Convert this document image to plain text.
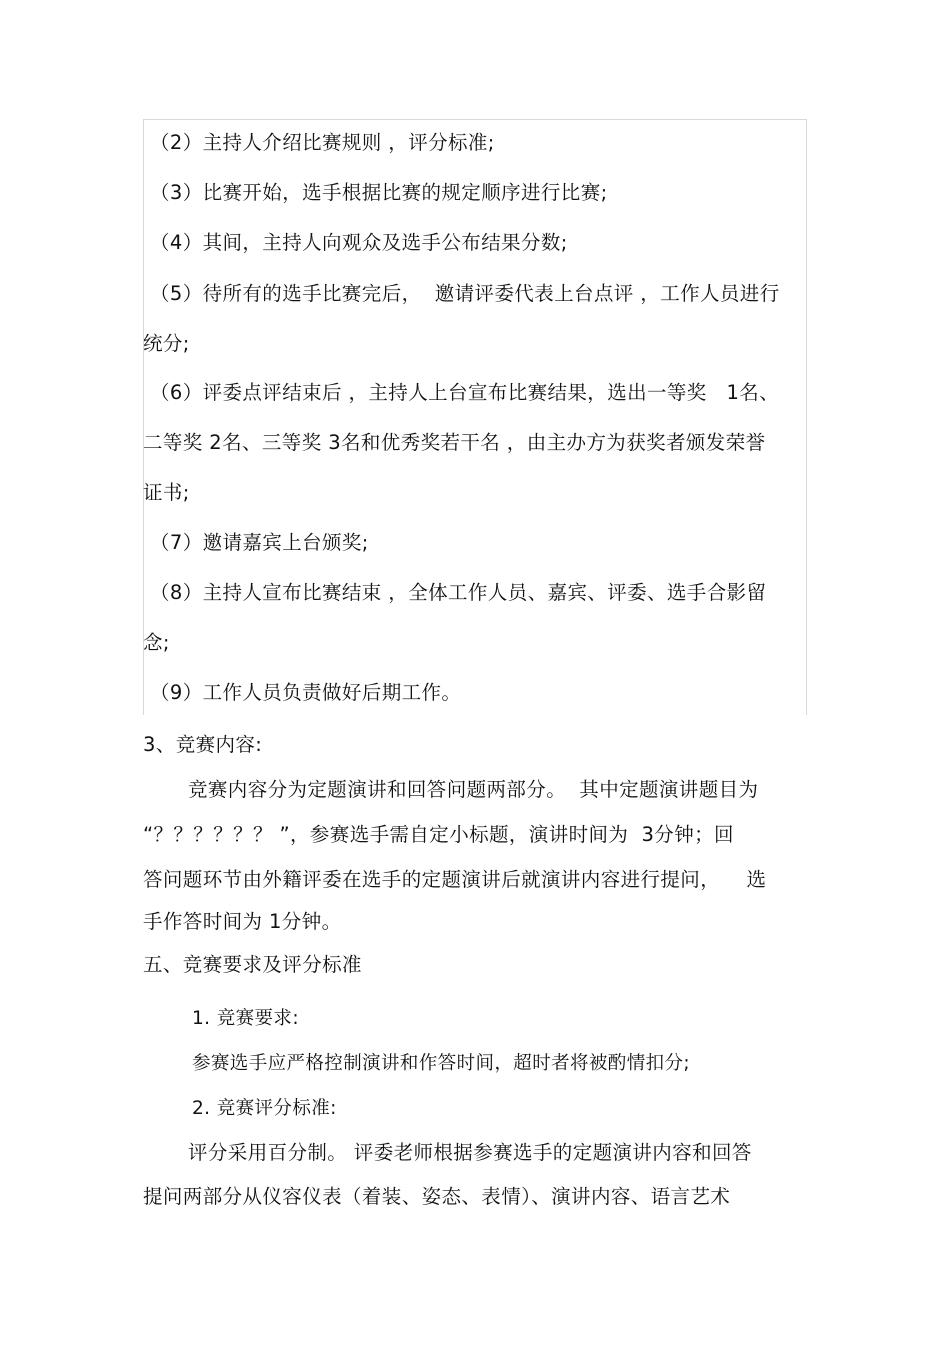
（2）主持人介绍比赛规则 ，评分标准;
（3）比赛开始，选手根据比赛的规定顺序进行比赛;
（4）其间，主持人向观众及选手公布结果分数;
（5）待所有的选手比赛完后，  邀请评委代表上台点评 ，工作人员进行
统分;
（6）评委点评结束后 ，主持人上台宣布比赛结果，选出一等奖   1名、
二等奖 2名、三等奖 3名和优秀奖若干名 ，由主办方为获奖者颁发荣誉
证书;
（7）邀请嘉宾上台颁奖;
（8）主持人宣布比赛结束 ，全体工作人员、嘉宾、评委、选手合影留
念;
（9）工作人员负责做好后期工作。
3、竞赛内容:
竞赛内容分为定题演讲和回答问题两部分。  其中定题演讲题目为
“？？？？？？ ”，参赛选手需自定小标题，演讲时间为  3分钟；回
答问题环节由外籍评委在选手的定题演讲后就演讲内容进行提问，    选
手作答时间为 1分钟。
五、竞赛要求及评分标准
1. 竞赛要求:
参赛选手应严格控制演讲和作答时间，超时者将被酌情扣分;
2. 竞赛评分标准:
评分采用百分制。 评委老师根据参赛选手的定题演讲内容和回答
提问两部分从仪容仪表（着装、姿态、表情）、演讲内容、语言艺术
